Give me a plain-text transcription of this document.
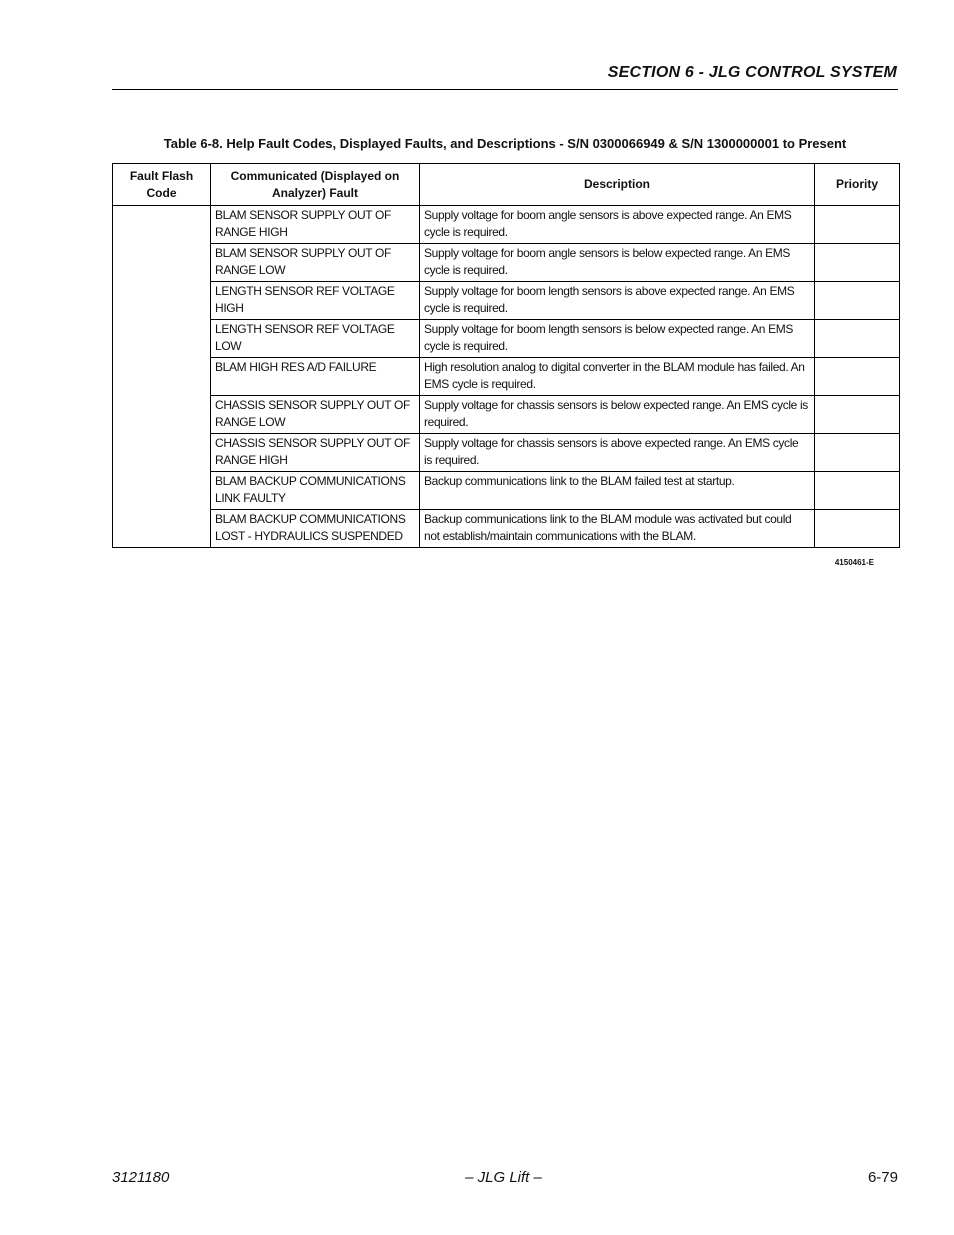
SECTION 6 - JLG CONTROL SYSTEM
Table 6-8. Help Fault Codes, Displayed Faults, and Descriptions - S/N 0300066949 & S/N 1300000001 to Present
Fault Flash Code	Communicated (Displayed on Analyzer) Fault	Description	Priority
	BLAM SENSOR SUPPLY OUT OF RANGE HIGH	Supply voltage for boom angle sensors is above expected range. An EMS cycle is required.	
	BLAM SENSOR SUPPLY OUT OF RANGE LOW	Supply voltage for boom angle sensors is below expected range. An EMS cycle is required.	
	LENGTH SENSOR REF VOLTAGE HIGH	Supply voltage for boom length sensors is above expected range. An EMS cycle is required.	
	LENGTH SENSOR REF VOLTAGE LOW	Supply voltage for boom length sensors is below expected range. An EMS cycle is required.	
	BLAM HIGH RES A/D FAILURE	High resolution analog to digital converter in the BLAM module has failed. An EMS cycle is required.	
	CHASSIS SENSOR SUPPLY OUT OF RANGE LOW	Supply voltage for chassis sensors is below expected range. An EMS cycle is required.	
	CHASSIS SENSOR SUPPLY OUT OF RANGE HIGH	Supply voltage for chassis sensors is above expected range. An EMS cycle is required.	
	BLAM BACKUP COMMUNICATIONS LINK FAULTY	Backup communications link to the BLAM failed test at startup.	
	BLAM BACKUP COMMUNICATIONS LOST - HYDRAULICS SUSPENDED	Backup communications link to the BLAM module was activated but could not establish/maintain communications with the BLAM.	
4150461-E
3121180	– JLG Lift –	6-79
